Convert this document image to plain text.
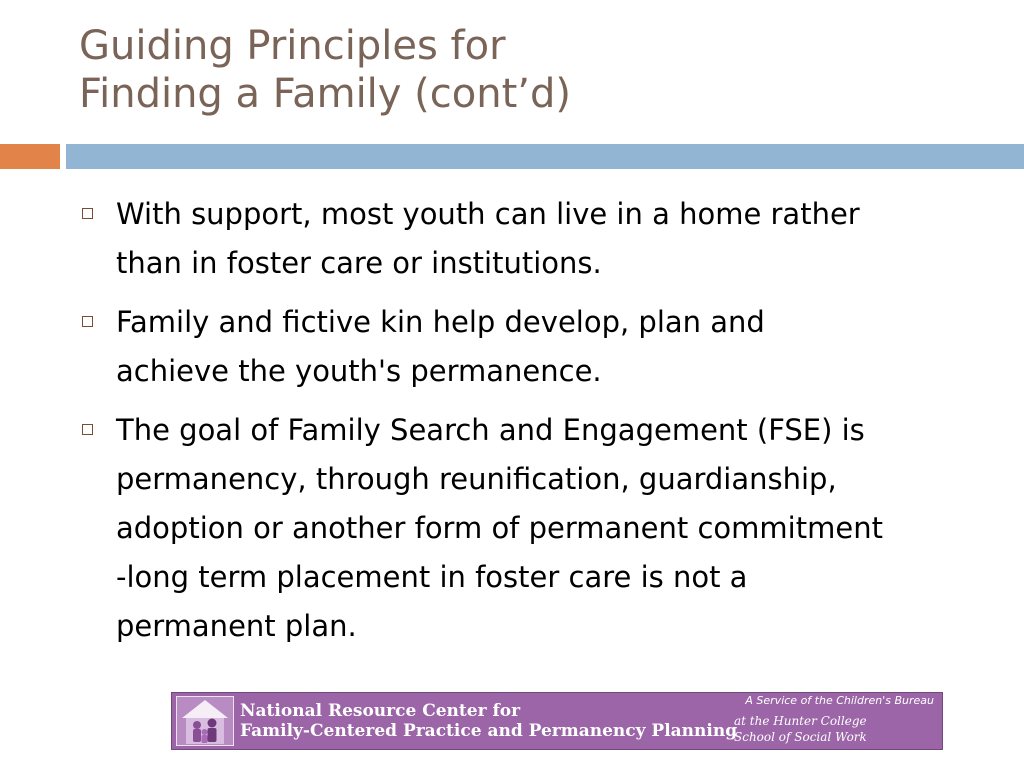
Guiding Principles for
Finding a Family (cont’d)
With support, most youth can live in a home rather
than in foster care or institutions.
Family and fictive kin help develop, plan and
achieve the youth's permanence.
The goal of Family Search and Engagement (FSE) is
permanency, through reunification, guardianship,
adoption or another form of permanent commitment
-long term placement in foster care is not a
permanent plan.
National Resource Center for
Family-Centered Practice and Permanency Planning
A Service of the Children's Bureau
at the Hunter College
School of Social Work
